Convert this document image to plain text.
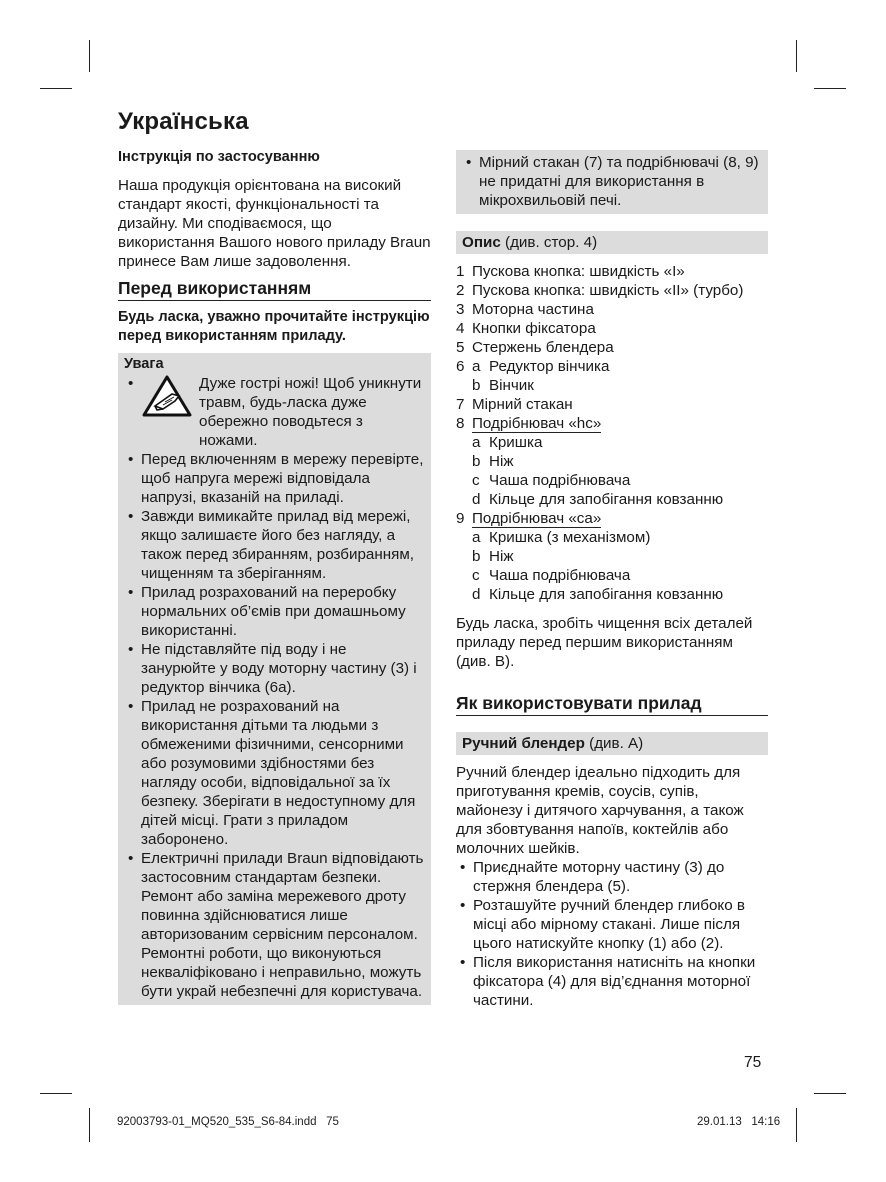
Українська

Інструкція по застосуванню

Наша продукція орієнтована на високий стандарт якості, функціональності та дизайну. Ми сподіваємося, що використання Вашого нового приладу Braun принесе Вам лише задоволення.

Перед використанням

Будь ласка, уважно прочитайте інструкцію перед використанням приладу.

Увага
•	Дуже гострі ножі! Щоб уникнути травм, будь-ласка дуже обережно поводьтеся з ножами.
• Перед включенням в мережу перевірте, щоб напруга мережі відповідала напрузі, вказаній на приладі.
• Завжди вимикайте прилад від мережі, якщо залишаєте його без нагляду, а також перед збиранням, розбиранням, чищенням та зберіганням.
• Прилад розрахований на переробку нормальних об’ємів при домашньому використанні.
• Не підставляйте під воду і не занурюйте у воду моторну частину (3) і редуктор вінчика (6а).
• Прилад не розрахований на використання дітьми та людьми з обмеженими фізичними, сенсорними або розумовими здібностями без нагляду особи, відповідальної за їх безпеку. Зберігати в недоступному для дітей місці. Грати з приладом заборонено.
• Електричні прилади Braun відповідають застосовним стандартам безпеки. Ремонт або заміна мережевого дроту повинна здійснюватися лише авторизованим сервісним персоналом. Ремонтні роботи, що виконуються некваліфіковано і неправильно, можуть бути украй небезпечні для користувача.
• Мірний стакан (7) та подрібнювачі (8, 9) не придатні для використання в мікрохвильовій печі.
Опис (див. стор. 4)
1 Пускова кнопка: швидкість «I»
2 Пускова кнопка: швидкість «II» (турбо)
3 Моторна частина
4 Кнопки фіксатора
5 Стержень блендера
6 a Редуктор вінчика
b Вінчик
7 Мірний стакан
8 Подрібнювач «hc»
a Кришка
b Ніж
c Чаша подрібнювача
d Кільце для запобігання ковзанню
9 Подрібнювач «са»
a Кришка (з механізмом)
b Ніж
c Чаша подрібнювача
d Кільце для запобігання ковзанню

Будь ласка, зробіть чищення всіх деталей приладу перед першим використанням (див. B).

Як використовувати прилад

Ручний блендер (див. A)

Ручний блендер ідеально підходить для приготування кремів, соусів, супів, майонезу і дитячого харчування, а також для збовтування напоїв, коктейлів або молочних шейків.

• Приєднайте моторну частину (3) до стержня блендера (5).
• Розташуйте ручний блендер глибоко в місці або мірному стакані. Лише після цього натискуйте кнопку (1) або (2).
• Після використання натисніть на кнопки фіксатора (4) для від’єднання моторної частини.
75
92003793-01_MQ520_535_S6-84.indd   75	29.01.13   14:16
